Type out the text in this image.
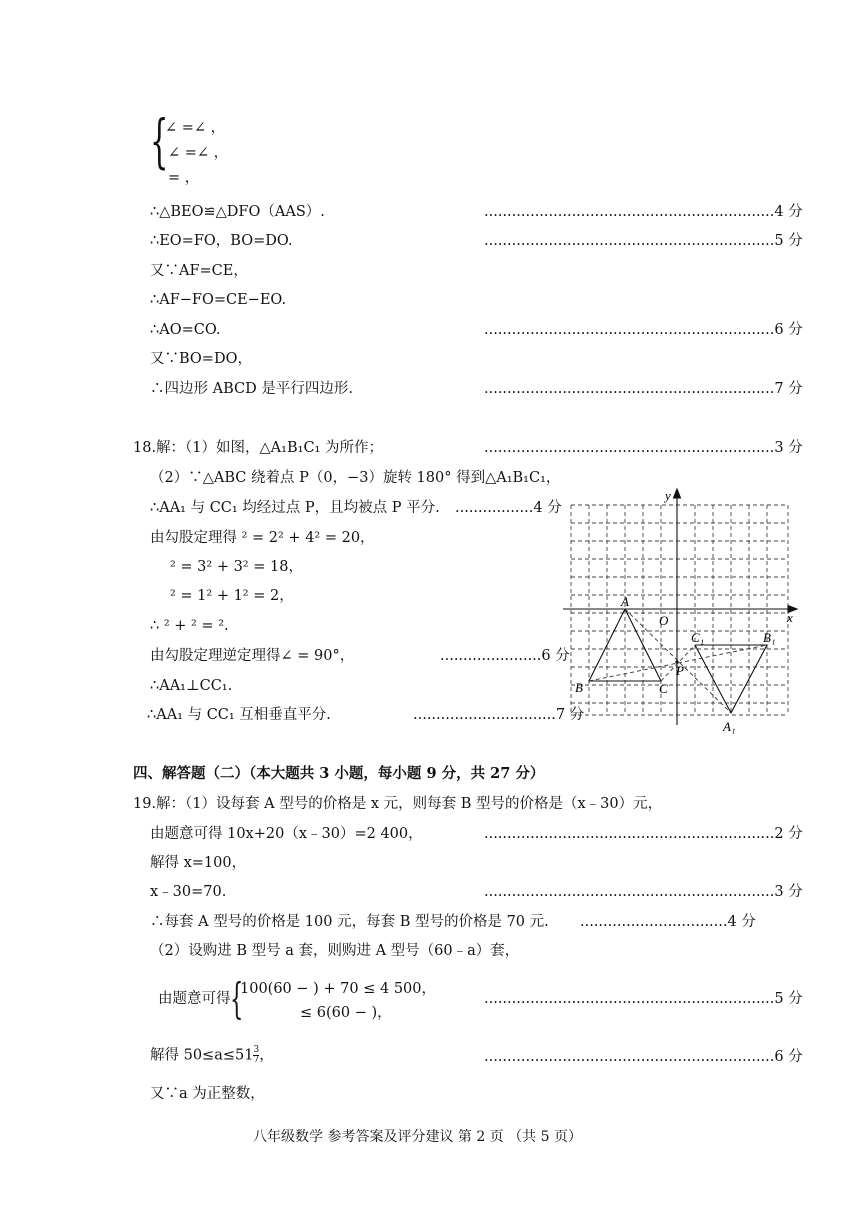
{
∠ =∠ ，
∠ =∠ ，
= ，
∴△BEO≌△DFO（AAS）.	...............................................................4 分
∴EO=FO，BO=DO.	...............................................................5 分
又∵AF=CE，
∴AF−FO=CE−EO.
∴AO=CO.	...............................................................6 分
又∵BO=DO，
∴四边形 ABCD 是平行四边形.	...............................................................7 分
18.解：（1）如图，△A₁B₁C₁ 为所作；	...............................................................3 分
（2）∵△ABC 绕着点 P（0，−3）旋转 180° 得到△A₁B₁C₁，
∴AA₁ 与 CC₁ 均经过点 P，且均被点 P 平分. .................4 分
由勾股定理得 ² = 2² + 4² = 20，
² = 3² + 3² = 18，
² = 1² + 1² = 2，
∴ ² + ² = ².
由勾股定理逆定理得∠ = 90°，	......................6 分
∴AA₁⊥CC₁.
∴AA₁ 与 CC₁ 互相垂直平分.	...............................7 分
A
O
y
x
B	C
P
C₁	B₁
A₁
四、解答题（二）（本大题共 3 小题，每小题 9 分，共 27 分）
19.解：（1）设每套 A 型号的价格是 x 元，则每套 B 型号的价格是（x﹣30）元，
由题意可得 10x+20（x﹣30）=2 400，	...............................................................2 分
解得 x=100，
x﹣30=70.	...............................................................3 分
∴每套 A 型号的价格是 100 元，每套 B 型号的价格是 70 元. ................................4 分
（2）设购进 B 型号 a 套，则购进 A 型号（60﹣a）套，
由题意可得 {
100(60 − ) + 70 ≤ 4 500，
≤ 6(60 − )，
...............................................................5 分
解得 $50\le a\le 51 \frac{3}{7}$ ，	...............................................................6 分
又∵a 为正整数，
八年级数学 参考答案及评分建议 第 2 页 （共 5 页）
